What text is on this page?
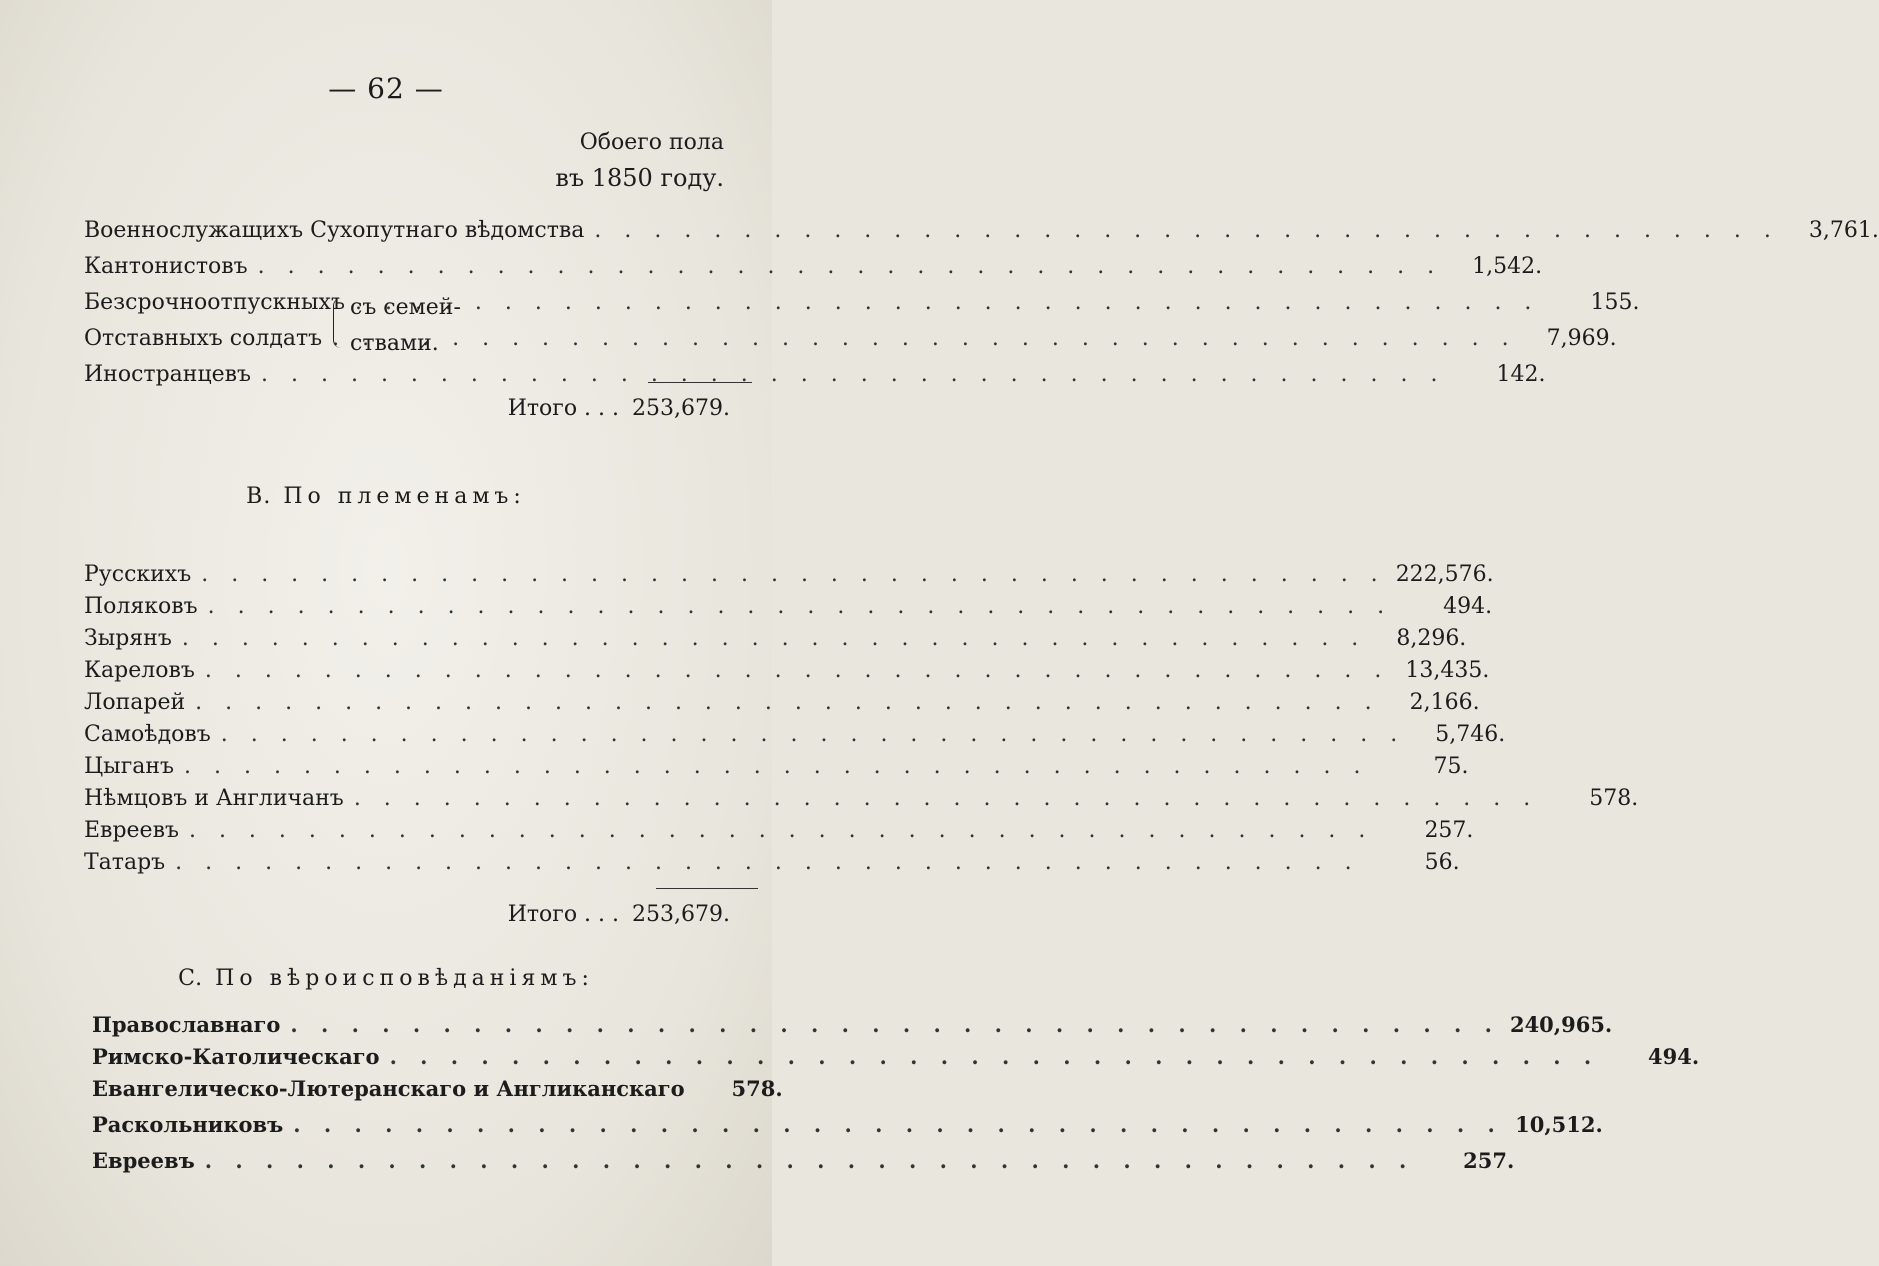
— 62 —
Обоего пола
въ 1850 году.
Военнослужащихъ Сухопутнаго вѣдомства . . .	3,761.
Кантонистовъ . . .	1,542.
Безсрочноотпускныхъ . . .	155.
Отставныхъ солдатъ . . .	7,969.
Иностранцевъ . . .	142.
съ семей-
ствами.
Итого . . . 253,679.
B. По племенамъ:
Русскихъ . . .	222,576.
Поляковъ . . .	494.
Зырянъ . . .	8,296.
Кареловъ . . .	13,435.
Лопарей . . .	2,166.
Самоѣдовъ . . .	5,746.
Цыганъ . . .	75.
Нѣмцовъ и Англичанъ . . .	578.
Евреевъ . . .	257.
Татаръ . . .	56.
Итого . . . 253,679.
C. По вѣроисповѣданiямъ:
Православнаго . . .	240,965.
Римско-Католическаго . . .	494.
Евангелическо-Лютеранскаго и Англиканскаго	578.
Раскольниковъ . . .	10,512.
Евреевъ . . .	257.
